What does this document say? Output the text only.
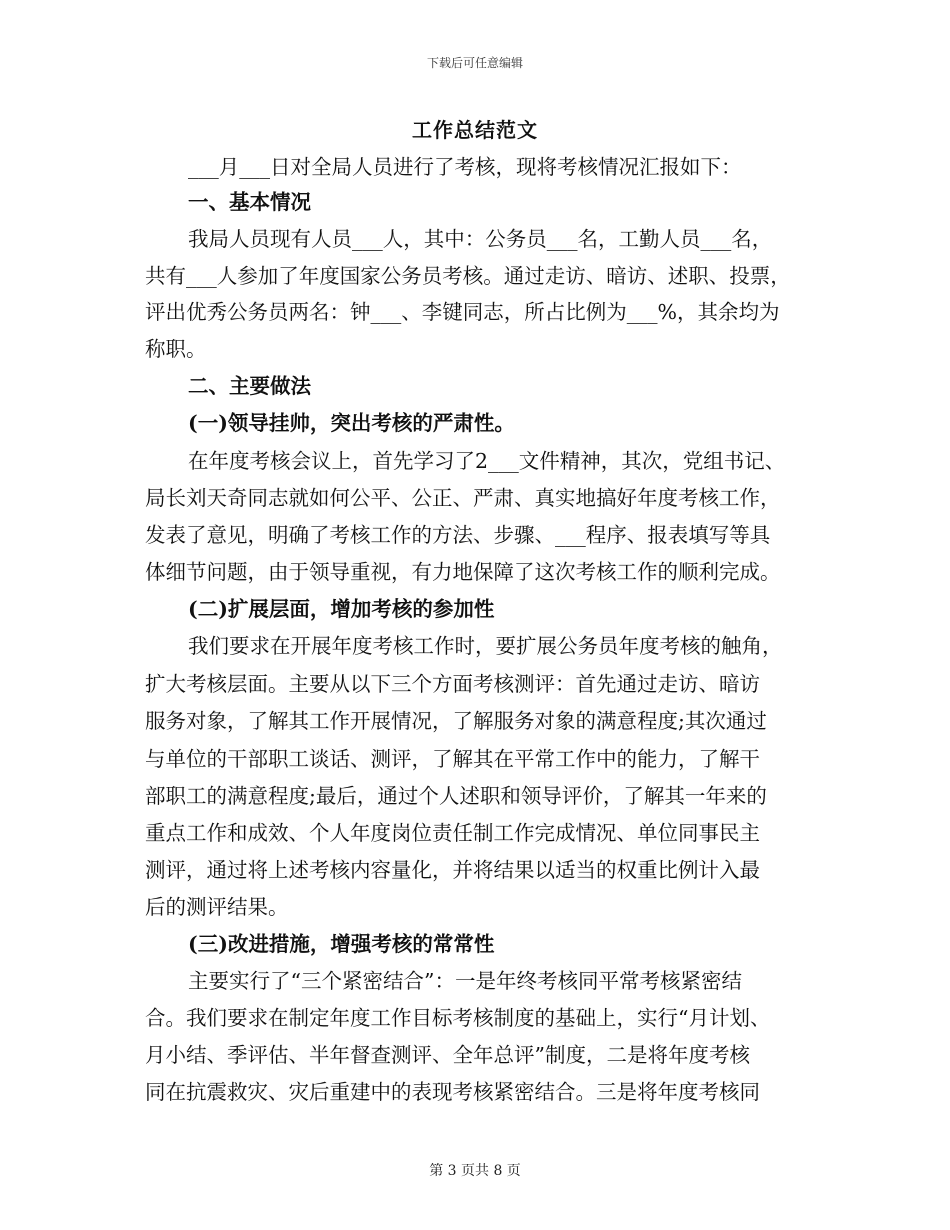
下载后可任意编辑
工作总结范文
___月___日对全局人员进行了考核，现将考核情况汇报如下：
一、基本情况
我局人员现有人员___人，其中：公务员___名，工勤人员___名，
共有___人参加了年度国家公务员考核。通过走访、暗访、述职、投票，
评出优秀公务员两名：钟___、李键同志，所占比例为___%，其余均为
称职。
二、主要做法
(一)领导挂帅，突出考核的严肃性。
在年度考核会议上，首先学习了2___文件精神，其次，党组书记、
局长刘天奇同志就如何公平、公正、严肃、真实地搞好年度考核工作，
发表了意见，明确了考核工作的方法、步骤、___程序、报表填写等具
体细节问题，由于领导重视，有力地保障了这次考核工作的顺利完成。
(二)扩展层面，增加考核的参加性
我们要求在开展年度考核工作时，要扩展公务员年度考核的触角，
扩大考核层面。主要从以下三个方面考核测评：首先通过走访、暗访
服务对象，了解其工作开展情况，了解服务对象的满意程度;其次通过
与单位的干部职工谈话、测评，了解其在平常工作中的能力，了解干
部职工的满意程度;最后，通过个人述职和领导评价，了解其一年来的
重点工作和成效、个人年度岗位责任制工作完成情况、单位同事民主
测评，通过将上述考核内容量化，并将结果以适当的权重比例计入最
后的测评结果。
(三)改进措施，增强考核的常常性
主要实行了“三个紧密结合”：一是年终考核同平常考核紧密结
合。我们要求在制定年度工作目标考核制度的基础上，实行“月计划、
月小结、季评估、半年督查测评、全年总评”制度，二是将年度考核
同在抗震救灾、灾后重建中的表现考核紧密结合。三是将年度考核同
第 3 页共 8 页
